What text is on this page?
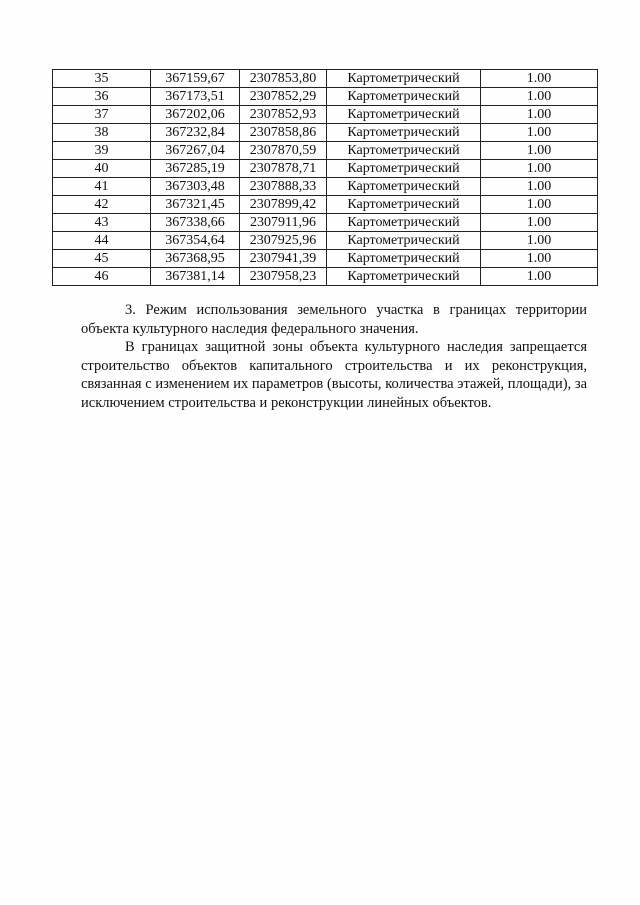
35	367159,67	2307853,80	Картометрический	1.00
36	367173,51	2307852,29	Картометрический	1.00
37	367202,06	2307852,93	Картометрический	1.00
38	367232,84	2307858,86	Картометрический	1.00
39	367267,04	2307870,59	Картометрический	1.00
40	367285,19	2307878,71	Картометрический	1.00
41	367303,48	2307888,33	Картометрический	1.00
42	367321,45	2307899,42	Картометрический	1.00
43	367338,66	2307911,96	Картометрический	1.00
44	367354,64	2307925,96	Картометрический	1.00
45	367368,95	2307941,39	Картометрический	1.00
46	367381,14	2307958,23	Картометрический	1.00

3. Режим использования земельного участка в границах территории объекта культурного наследия федерального значения.

В границах защитной зоны объекта культурного наследия запрещается строительство объектов капитального строительства и их реконструкция, связанная с изменением их параметров (высоты, количества этажей, площади), за исключением строительства и реконструкции линейных объектов.
